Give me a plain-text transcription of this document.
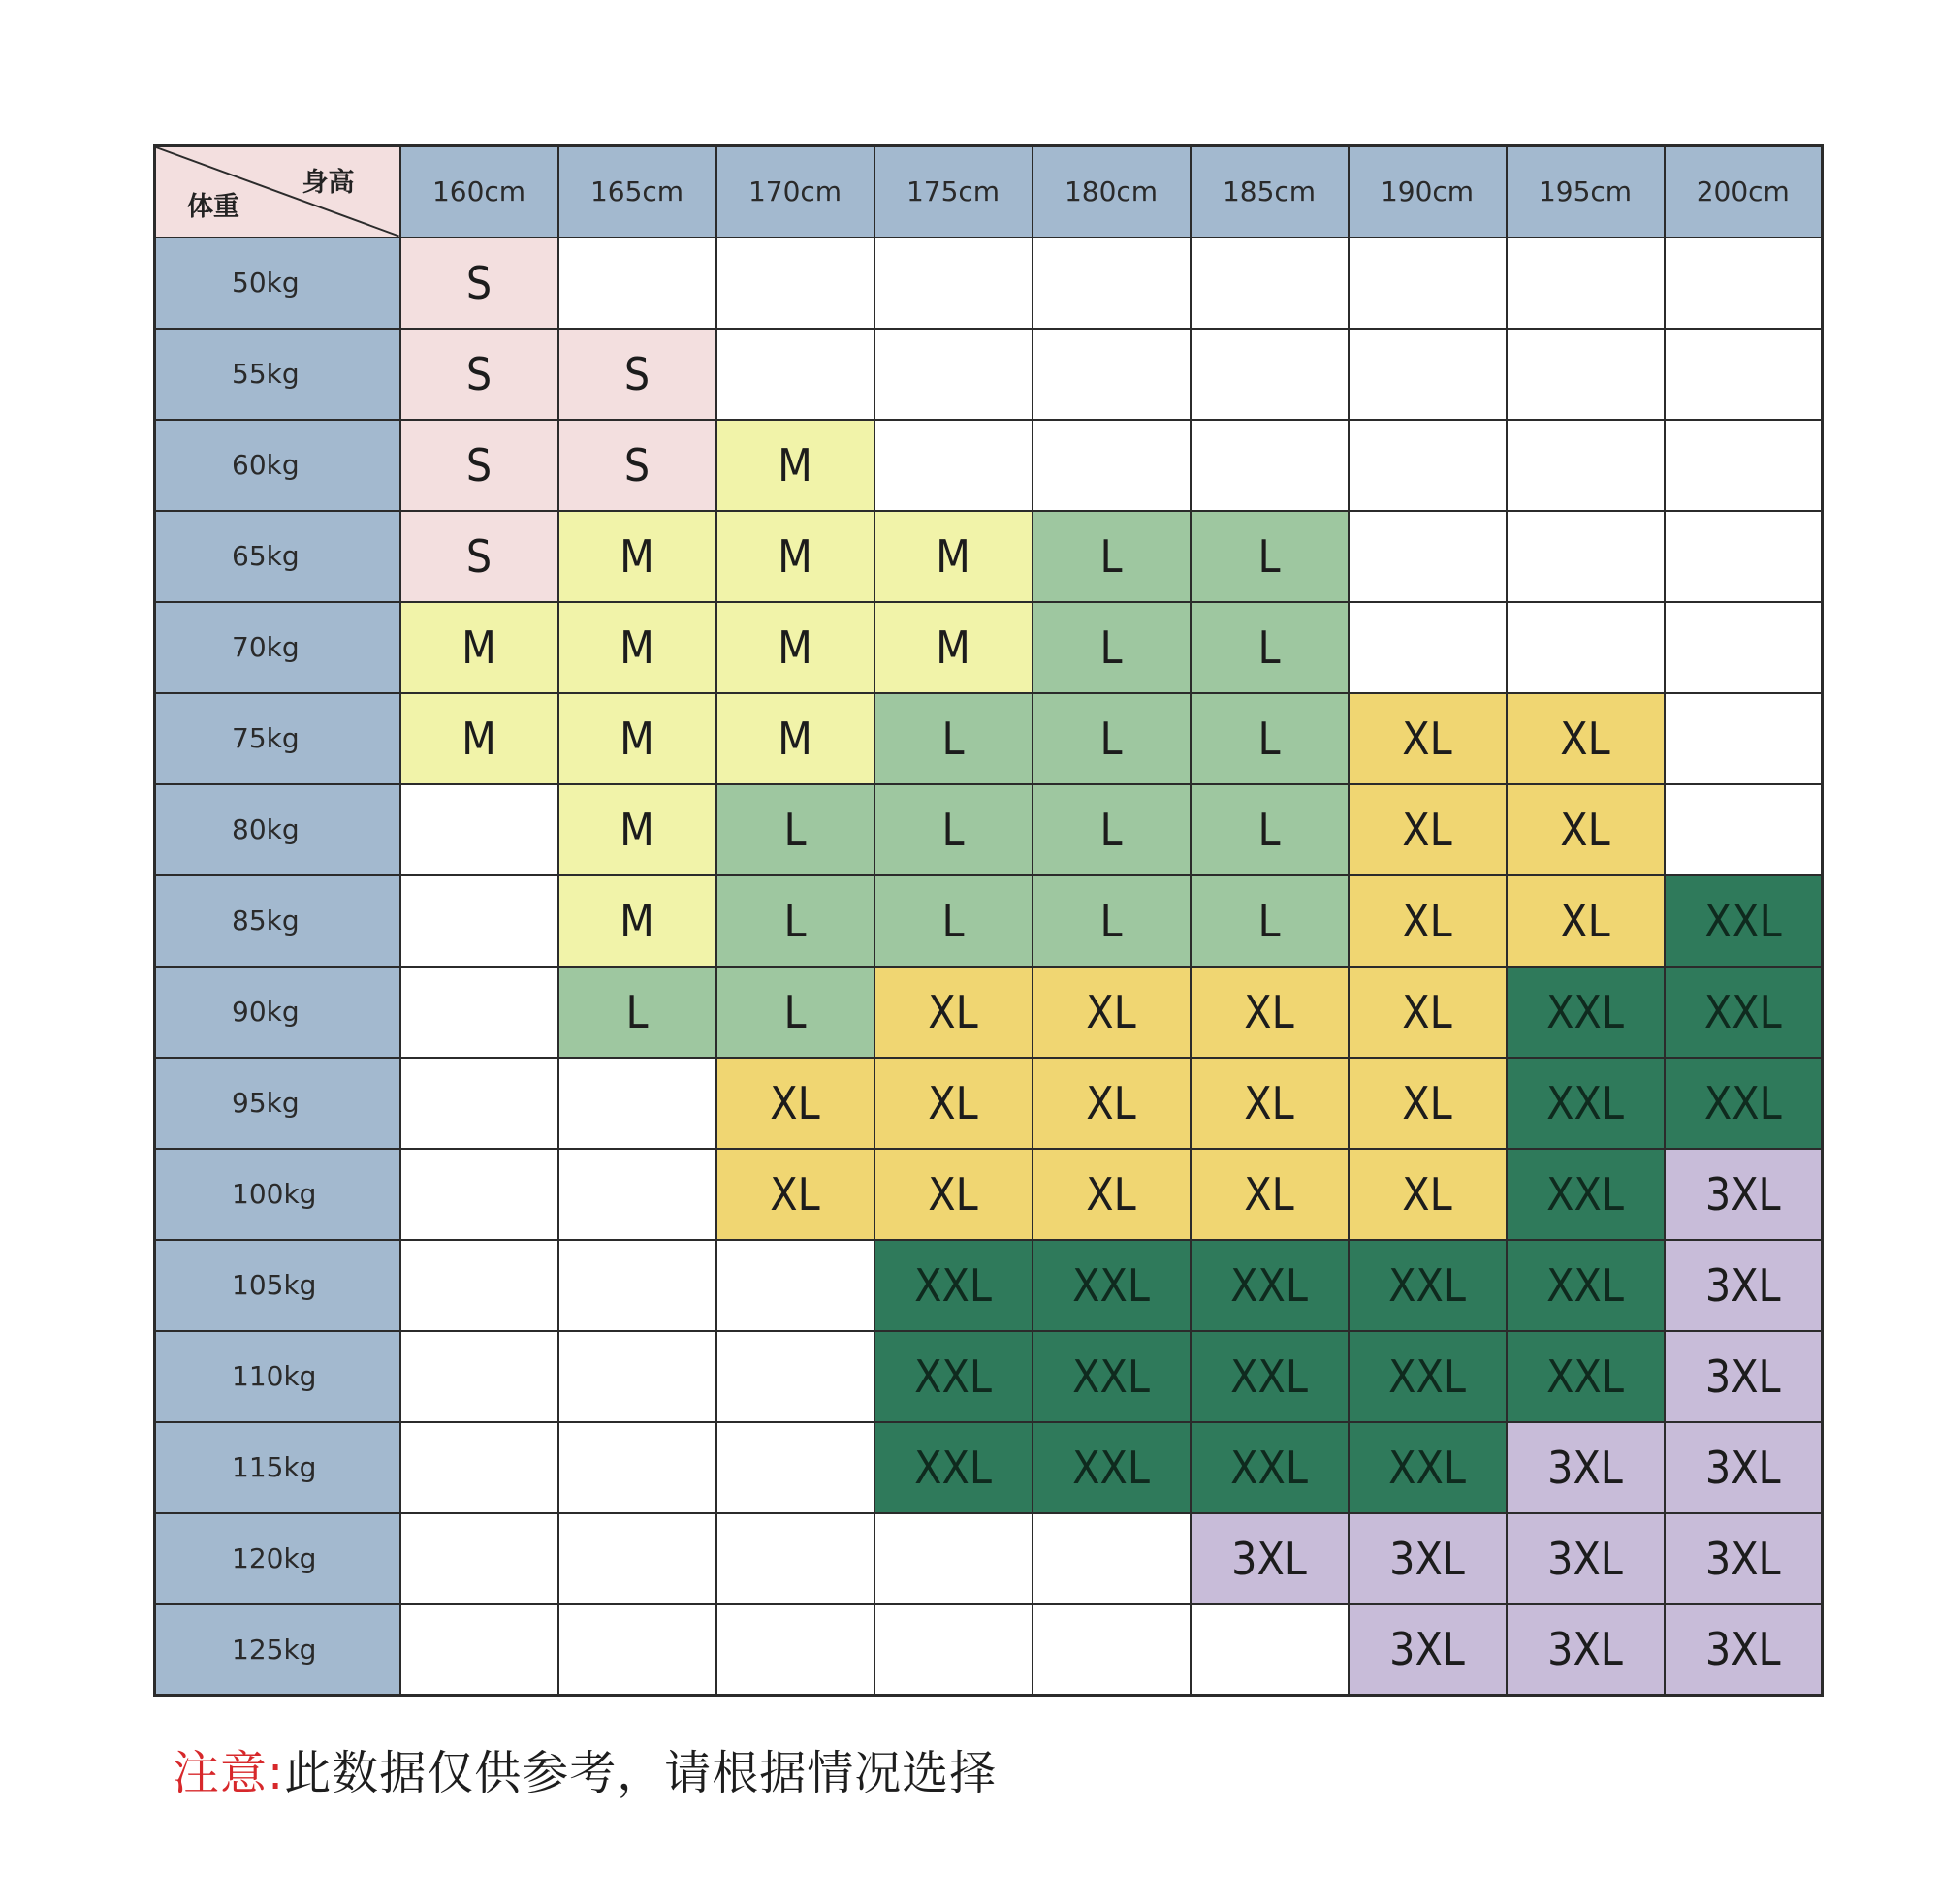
身高
体重	160cm	165cm	170cm	175cm	180cm	185cm	190cm	195cm	200cm
50kg	S								
55kg	S	S							
60kg	S	S	M						
65kg	S	M	M	M	L	L			
70kg	M	M	M	M	L	L			
75kg	M	M	M	L	L	L	XL	XL	
80kg		M	L	L	L	L	XL	XL	
85kg		M	L	L	L	L	XL	XL	XXL
90kg		L	L	XL	XL	XL	XL	XXL	XXL
95kg			XL	XL	XL	XL	XL	XXL	XXL
100kg			XL	XL	XL	XL	XL	XXL	3XL
105kg				XXL	XXL	XXL	XXL	XXL	3XL
110kg				XXL	XXL	XXL	XXL	XXL	3XL
115kg				XXL	XXL	XXL	XXL	3XL	3XL
120kg						3XL	3XL	3XL	3XL
125kg							3XL	3XL	3XL
注意:此数据仅供参考，请根据情况选择
